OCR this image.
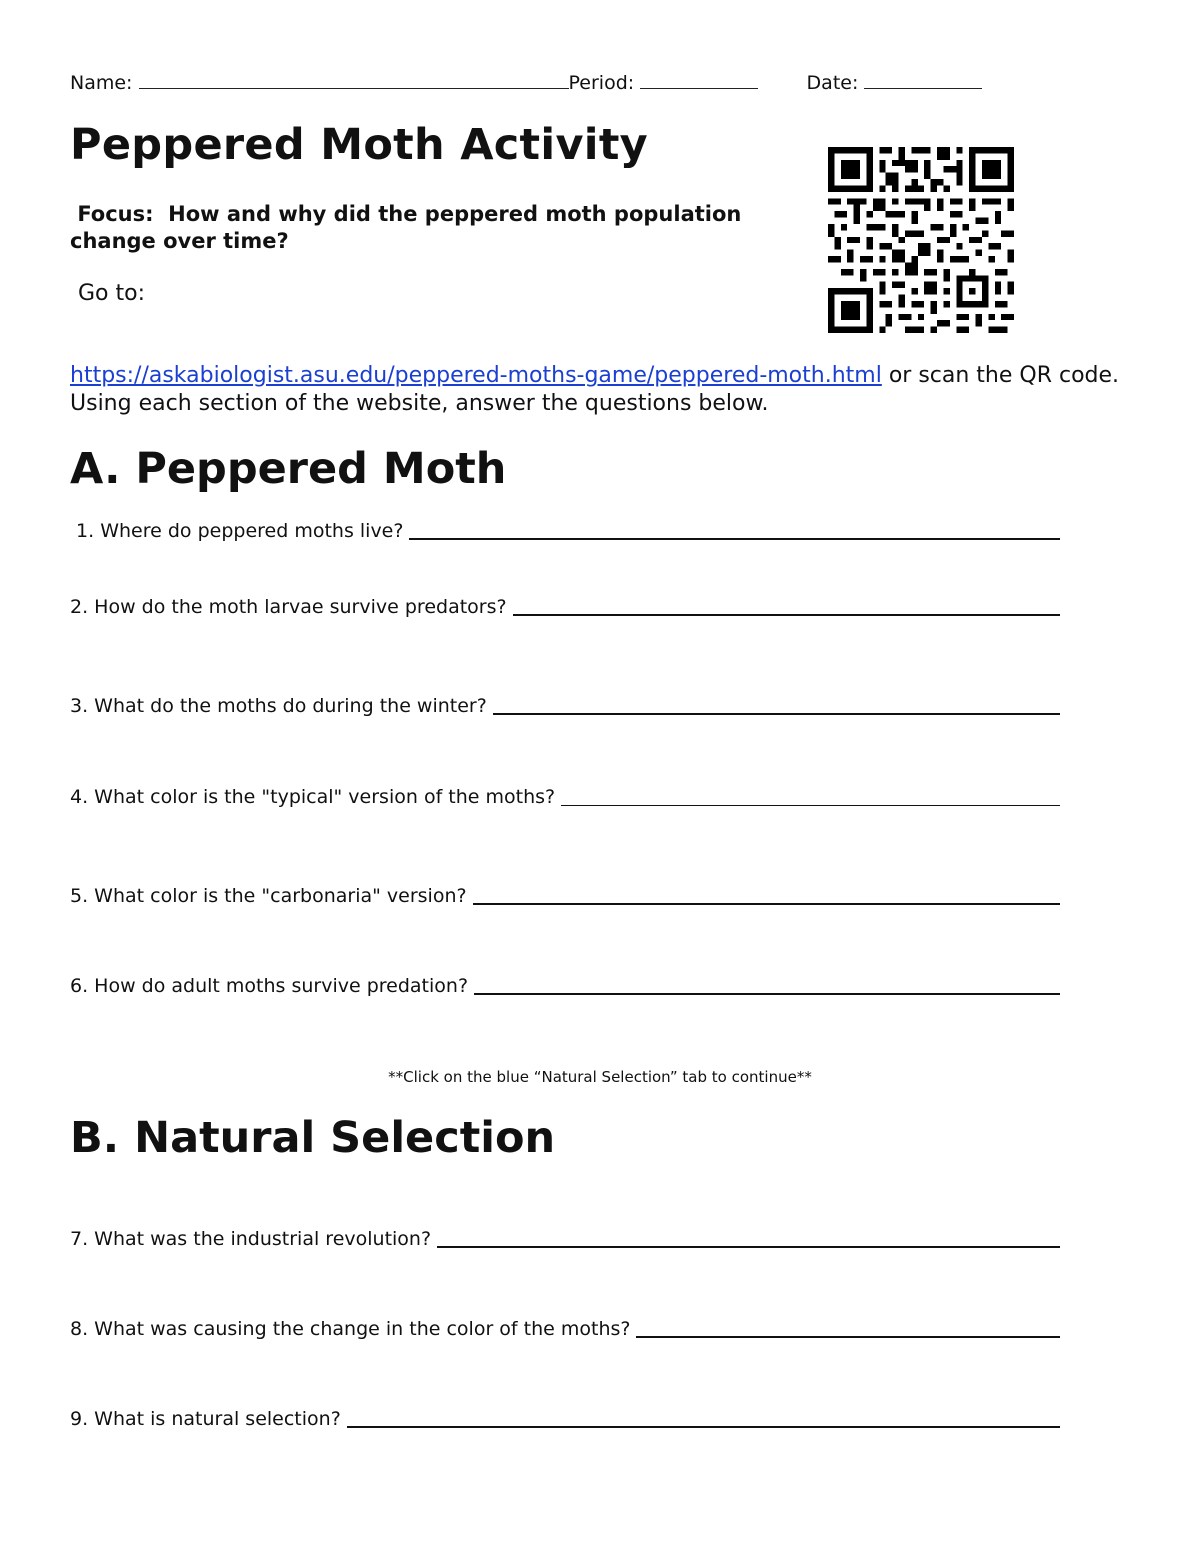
Name:	Period:	Date:
Peppered Moth Activity
Focus: How and why did the peppered moth population change over time?
Go to:
https://askabiologist.asu.edu/peppered-moths-game/peppered-moth.html or scan the QR code. Using each section of the website, answer the questions below.
A. Peppered Moth
1. Where do peppered moths live?
2. How do the moth larvae survive predators?
3. What do the moths do during the winter?
4. What color is the "typical" version of the moths?
5. What color is the "carbonaria" version?
6. How do adult moths survive predation?
**Click on the blue “Natural Selection” tab to continue**
B. Natural Selection
7. What was the industrial revolution?
8. What was causing the change in the color of the moths?
9. What is natural selection?
